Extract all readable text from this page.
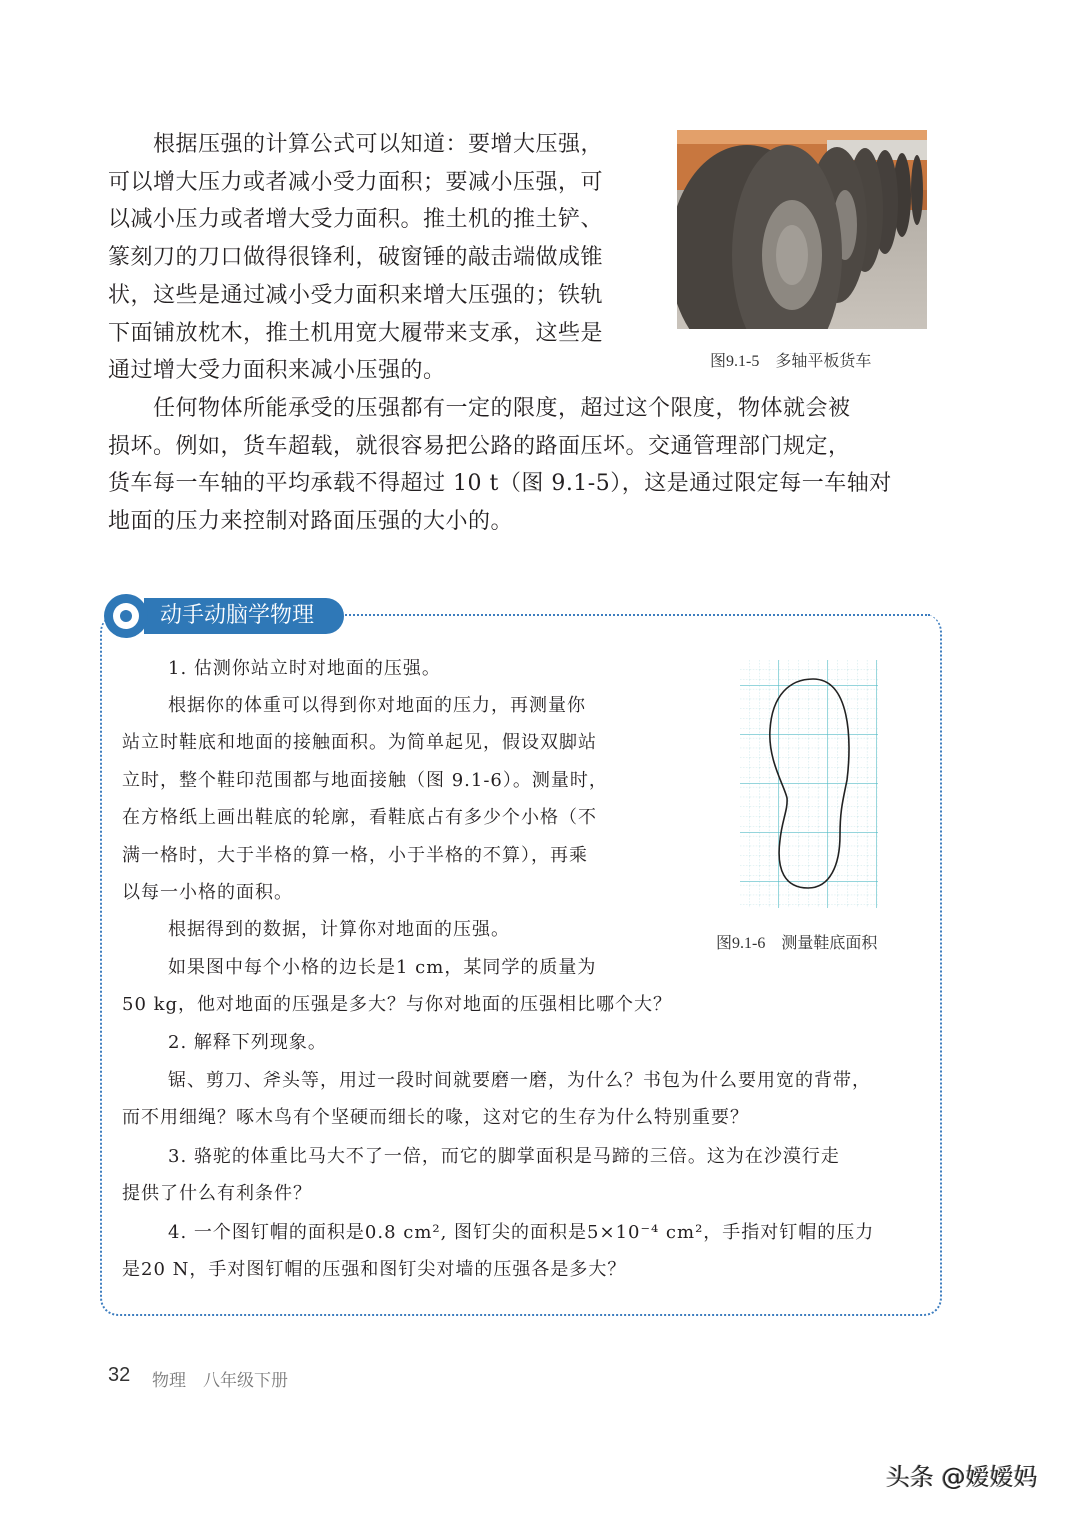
　　根据压强的计算公式可以知道：要增大压强，
可以增大压力或者减小受力面积；要减小压强，可
以减小压力或者增大受力面积。推土机的推土铲、
篆刻刀的刀口做得很锋利，破窗锤的敲击端做成锥
状，这些是通过减小受力面积来增大压强的；铁轨
下面铺放枕木，推土机用宽大履带来支承，这些是
通过增大受力面积来减小压强的。	图9.1-5　多轴平板货车
　　任何物体所能承受的压强都有一定的限度，超过这个限度，物体就会被
损坏。例如，货车超载，就很容易把公路的路面压坏。交通管理部门规定，
货车每一车轴的平均承载不得超过 10 t（图 9.1-5），这是通过限定每一车轴对
地面的压力来控制对路面压强的大小的。
动手动脑学物理
1. 估测你站立时对地面的压强。
根据你的体重可以得到你对地面的压力，再测量你
站立时鞋底和地面的接触面积。为简单起见，假设双脚站
立时，整个鞋印范围都与地面接触（图 9.1-6）。测量时，
在方格纸上画出鞋底的轮廓，看鞋底占有多少个小格（不
满一格时，大于半格的算一格，小于半格的不算），再乘
以每一小格的面积。
根据得到的数据，计算你对地面的压强。
如果图中每个小格的边长是1 cm，某同学的质量为
50 kg，他对地面的压强是多大？与你对地面的压强相比哪个大？
2. 解释下列现象。
锯、剪刀、斧头等，用过一段时间就要磨一磨，为什么？书包为什么要用宽的背带，
而不用细绳？啄木鸟有个坚硬而细长的喙，这对它的生存为什么特别重要？
3. 骆驼的体重比马大不了一倍，而它的脚掌面积是马蹄的三倍。这为在沙漠行走
提供了什么有利条件？
4. 一个图钉帽的面积是0.8 cm², 图钉尖的面积是5×10⁻⁴ cm²，手指对钉帽的压力
是20 N，手对图钉帽的压强和图钉尖对墙的压强各是多大？
图9.1-6　测量鞋底面积
32 物理　八年级下册
头条 @嫒嫒妈
